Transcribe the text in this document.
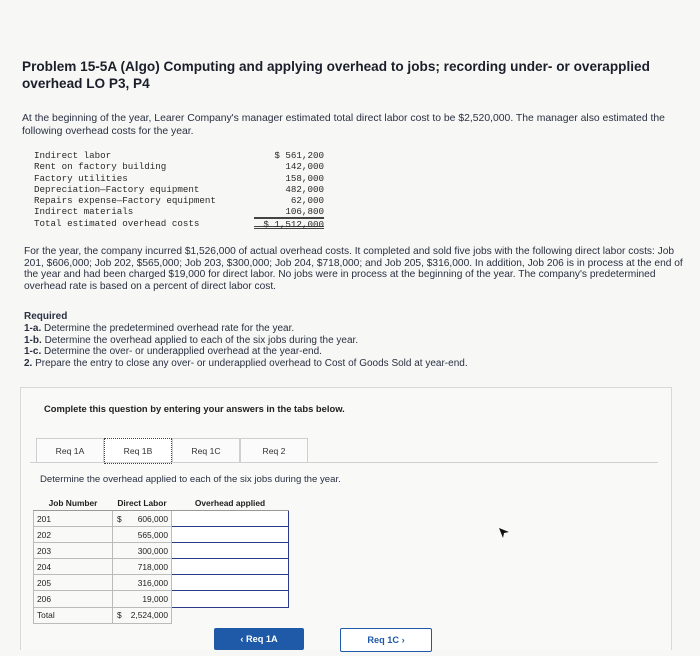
Problem 15-5A (Algo) Computing and applying overhead to jobs; recording under- or overapplied overhead LO P3, P4
At the beginning of the year, Learer Company's manager estimated total direct labor cost to be $2,520,000. The manager also estimated the following overhead costs for the year.
Indirect labor	$ 561,200
Rent on factory building	142,000
Factory utilities	158,000
Depreciation—Factory equipment	482,000
Repairs expense—Factory equipment	62,000
Indirect materials	106,800
Total estimated overhead costs	$ 1,512,000
For the year, the company incurred $1,526,000 of actual overhead costs. It completed and sold five jobs with the following direct labor costs: Job 201, $606,000; Job 202, $565,000; Job 203, $300,000; Job 204, $718,000; and Job 205, $316,000. In addition, Job 206 is in process at the end of the year and had been charged $19,000 for direct labor. No jobs were in process at the beginning of the year. The company's predetermined overhead rate is based on a percent of direct labor cost.
Required
1-a. Determine the predetermined overhead rate for the year.
1-b. Determine the overhead applied to each of the six jobs during the year.
1-c. Determine the over- or underapplied overhead at the year-end.
2. Prepare the entry to close any over- or underapplied overhead to Cost of Goods Sold at year-end.
Complete this question by entering your answers in the tabs below.
Req 1A	Req 1B	Req 1C	Req 2
Determine the overhead applied to each of the six jobs during the year.
Job Number	Direct Labor	Overhead applied
201	$ 606,000	
202	565,000	
203	300,000	
204	718,000	
205	316,000	
206	19,000	
Total	$ 2,524,000	
‹ Req 1A	Req 1C ›
